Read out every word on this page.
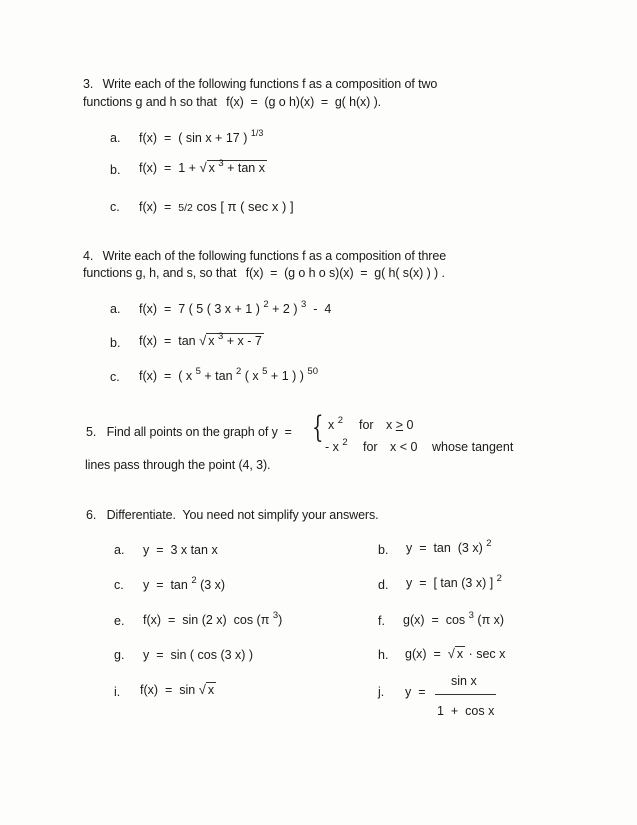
3. Write each of the following functions f as a composition of two
functions g and h so that f(x)  =  (g o h)(x)  =  g( h(x) ).
a. f(x)  =  ( sin x + 17 ) $^{1/3}$
b. f(x)  =  1 + √ x $^3$ + tan x
c. f(x)  = 5/2 cos [ π ( sec x ) ]
4. Write each of the following functions f as a composition of three
functions g, h, and s, so that f(x)  =  (g o h o s)(x)  =  g( h( s(x) ) ) .
a. f(x)  =  7 ( 5 ( 3 x + 1 ) $^2$ + 2 ) $^3$  -  4
b. f(x)  =  tan √ x $^3$ + x - 7
c. f(x)  =  ( x $^5$ + tan $^2$ ( x $^5$ + 1 ) ) $^{50}$
5. Find all points on the graph of y  = { x $^2$ for x ≥ 0
- x $^2$ for x < 0 whose tangent
lines pass through the point (4, 3).
6. Differentiate.  You need not simplify your answers.
a. y  =  3 x tan x	b. y  =  tan  (3 x) $^2$
c. y  =  tan $^2$ (3 x)	d. y  =  [ tan (3 x) ] $^2$
e. f(x)  =  sin (2 x)  cos (π $^3$)	f. g(x)  =  cos $^3$ (π x)
g. y  =  sin ( cos (3 x) )	h. g(x)  =  √ x · sec x
i. f(x)  =  sin √ x	j. y  =
sin x
1  +  cos x
